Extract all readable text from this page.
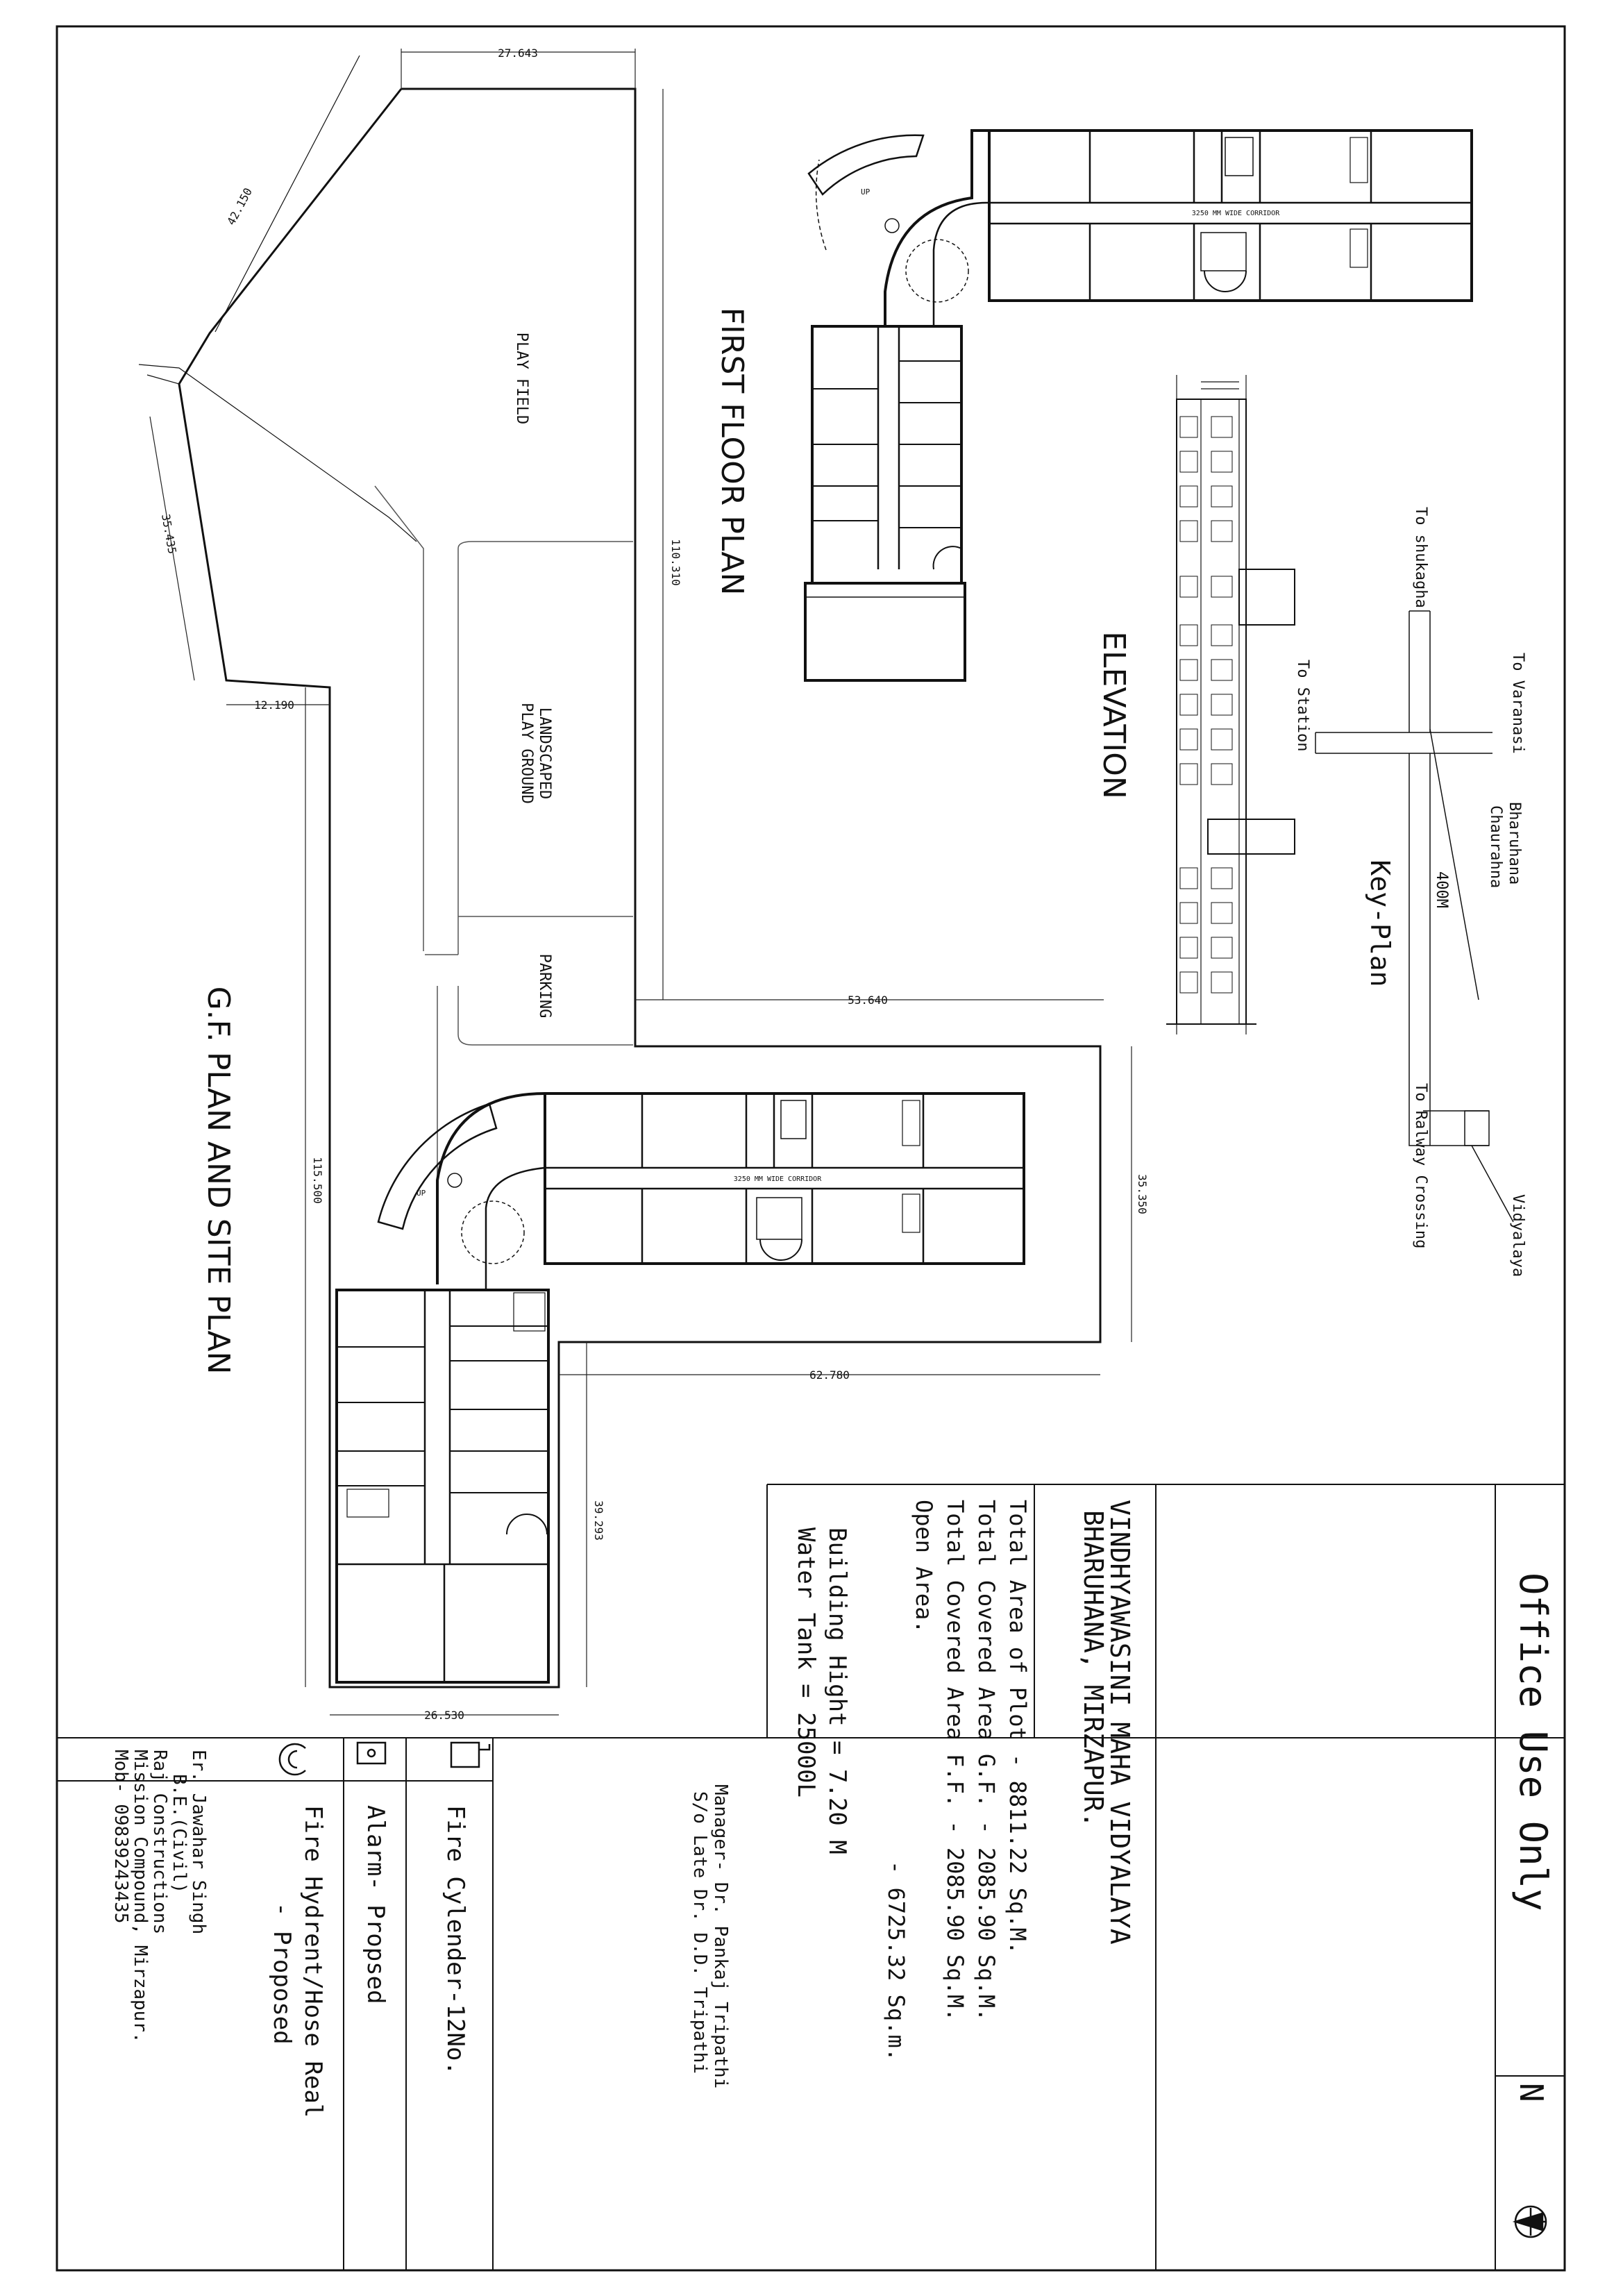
27.643
42.150
35.435
12.190
110.310
53.640
35.350
62.780
115.500
39.293
26.530
PLAY FIELD
LANDSCAPED
PLAY GROUND
PARKING
3250 MM WIDE CORRIDOR
UP
3250 MM WIDE CORRIDOR
UP
G.F. PLAN AND SITE PLAN
FIRST FLOOR PLAN
ELEVATION
Key-Plan
To shukagha
To Varanasi
To Station
Bharuhana
Chaurahna
400M
To Ralway Crossing	Vidyalaya
Office Use Only
N
VINDHYAWASINI MAHA VIDYALAYA
BHARUHANA, MIRZAPUR.
Total Area of Plot - 8811.22 Sq.M.
Total Covered Area G.F. - 2085.90 Sq.M.
Total Covered Area F.F. - 2085.90 Sq.M.
Open Area.
- 6725.32 Sq.m.
Building Hight = 7.20 M
Water Tank = 25000L
Manager- Dr. Pankaj Tripathi
S/o Late Dr. D.D. Tripathi
Fire Cylender-12No.
Alarm- Propsed
Fire Hydrent/Hose Real
- Proposed
Er. Jawahar Singh
B.E.(Civil)
Raj Constructions
Mission Compound, Mirzapur.
Mob- 09839243435
